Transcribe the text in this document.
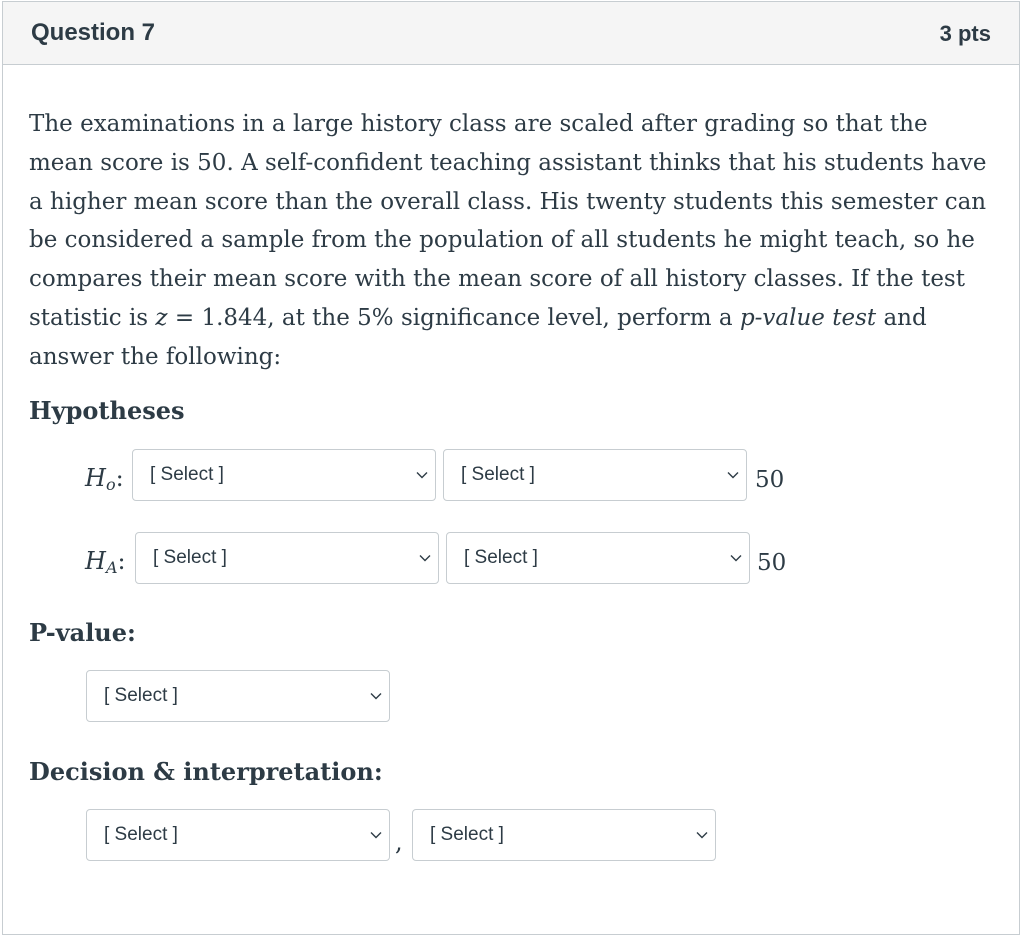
Question 7	3 pts

The examinations in a large history class are scaled after grading so that the mean score is 50. A self-confident teaching assistant thinks that his students have a higher mean score than the overall class. His twenty students this semester can be considered a sample from the population of all students he might teach, so he compares their mean score with the mean score of all history classes. If the test statistic is z = 1.844, at the 5% significance level, perform a p-value test and answer the following:

Hypotheses
$H_o$: [ Select ]	[ Select ]	50
$H_A$: [ Select ]	[ Select ]	50
P-value:
[ Select ]
Decision & interpretation:
[ Select ]	, [ Select ]
